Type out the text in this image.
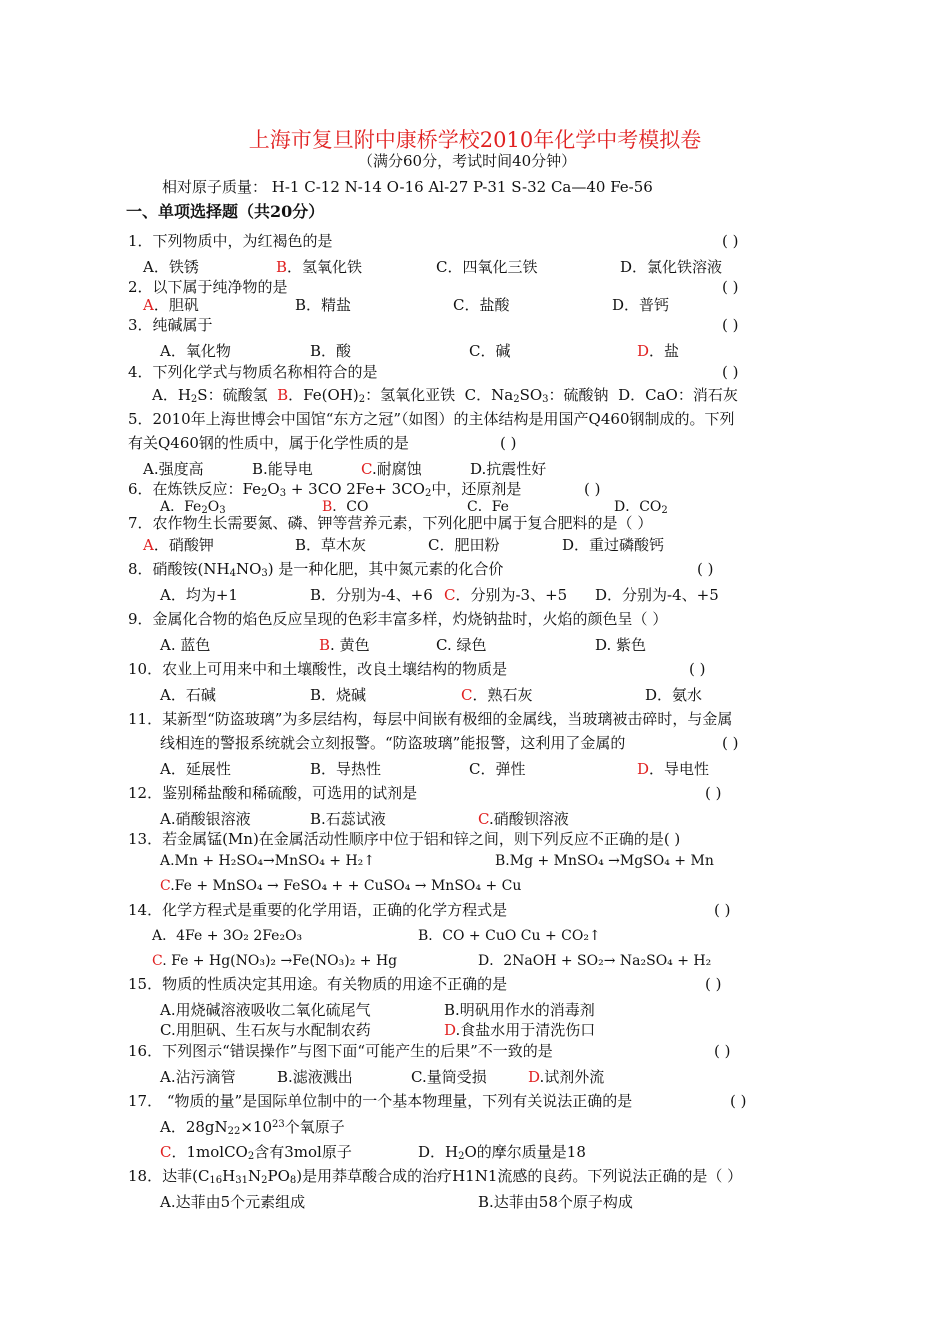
上海市复旦附中康桥学校2010年化学中考模拟卷
（满分60分，考试时间40分钟）
相对原子质量： H-1 C-12 N-14 O-16 Al-27 P-31 S-32 Ca—40 Fe-56
一、单项选择题（共20分）
1．下列物质中，为红褐色的是	( )
A．铁锈	B．氢氧化铁	C．四氧化三铁	D．氯化铁溶液
2．以下属于纯净物的是	( )
A．胆矾	B．精盐	C．盐酸	D．普钙
3．纯碱属于	( )
A．氧化物	B．酸	C．碱	D．盐
4．下列化学式与物质名称相符合的是	( )
A．$H_2S$：硫酸氢 B．$Fe(OH)_2$：氢氧化亚铁 C．$Na_2SO_3$：硫酸钠 D．CaO：消石灰
5．2010年上海世博会中国馆“东方之冠”（如图）的主体结构是用国产Q460钢制成的。下列
有关Q460钢的性质中，属于化学性质的是	( )
A.强度高	B.能导电	C.耐腐蚀	D.抗震性好
6．在炼铁反应：$Fe_2O_3 + 3CO$ $2Fe+ 3CO_2$中，还原剂是	( )
A．$Fe_2O_3$	B．CO	C．Fe	D．$CO_2$
7．农作物生长需要氮、磷、钾等营养元素，下列化肥中属于复合肥料的是（ ）
A．硝酸钾	B．草木灰	C．肥田粉	D．重过磷酸钙
8．硝酸铵$(NH_4NO_3)$ 是一种化肥，其中氮元素的化合价	( )
A．均为+1	B．分别为-4、+6 C．分别为-3、+5 D．分别为-4、+5
9．金属化合物的焰色反应呈现的色彩丰富多样，灼烧钠盐时，火焰的颜色呈（ ）
A. 蓝色	B. 黄色	C. 绿色	D. 紫色
10．农业上可用来中和土壤酸性，改良土壤结构的物质是	( )
A．石碱	B．烧碱	C．熟石灰	D．氨水
11．某新型“防盗玻璃”为多层结构，每层中间嵌有极细的金属线，当玻璃被击碎时，与金属
线相连的警报系统就会立刻报警。“防盗玻璃”能报警，这利用了金属的	( )
A．延展性	B．导热性	C．弹性	D．导电性
12．鉴别稀盐酸和稀硫酸，可选用的试剂是	( )
A.硝酸银溶液	B.石蕊试液	C.硝酸钡溶液
13．若金属锰(Mn)在金属活动性顺序中位于铝和锌之间，则下列反应不正确的是( )
A.Mn + H₂SO₄→MnSO₄ + H₂↑	B.Mg + MnSO₄ →MgSO₄ + Mn
C.Fe + MnSO₄ → FeSO₄ + + CuSO₄ → MnSO₄ + Cu
14．化学方程式是重要的化学用语，正确的化学方程式是	( )
A．4Fe + 3O₂ 2Fe₂O₃	B．CO + CuO Cu + CO₂↑
C. Fe + Hg(NO₃)₂ →Fe(NO₃)₂ + Hg	D．2NaOH + SO₂→ Na₂SO₄ + H₂
15．物质的性质决定其用途。有关物质的用途不正确的是	( )
A.用烧碱溶液吸收二氧化硫尾气	B.明矾用作水的消毒剂
C.用胆矾、生石灰与水配制农药	D.食盐水用于清洗伤口
16．下列图示“错误操作”与图下面“可能产生的后果”不一致的是	( )
A.沾污滴管	B.滤液溅出	C.量筒受损	D.试剂外流
17． “物质的量”是国际单位制中的一个基本物理量，下列有关说法正确的是	( )
A．$28gN_{22}\times 10^{23}$个氧原子
C．1molCO$_2$含有3mol原子	D．$H_2O$的摩尔质量是18
18．达菲$(C_{16}H_{31}N_2PO_8)$是用莽草酸合成的治疗H1N1流感的良药。下列说法正确的是（ ）
A.达菲由5个元素组成	B.达菲由58个原子构成
